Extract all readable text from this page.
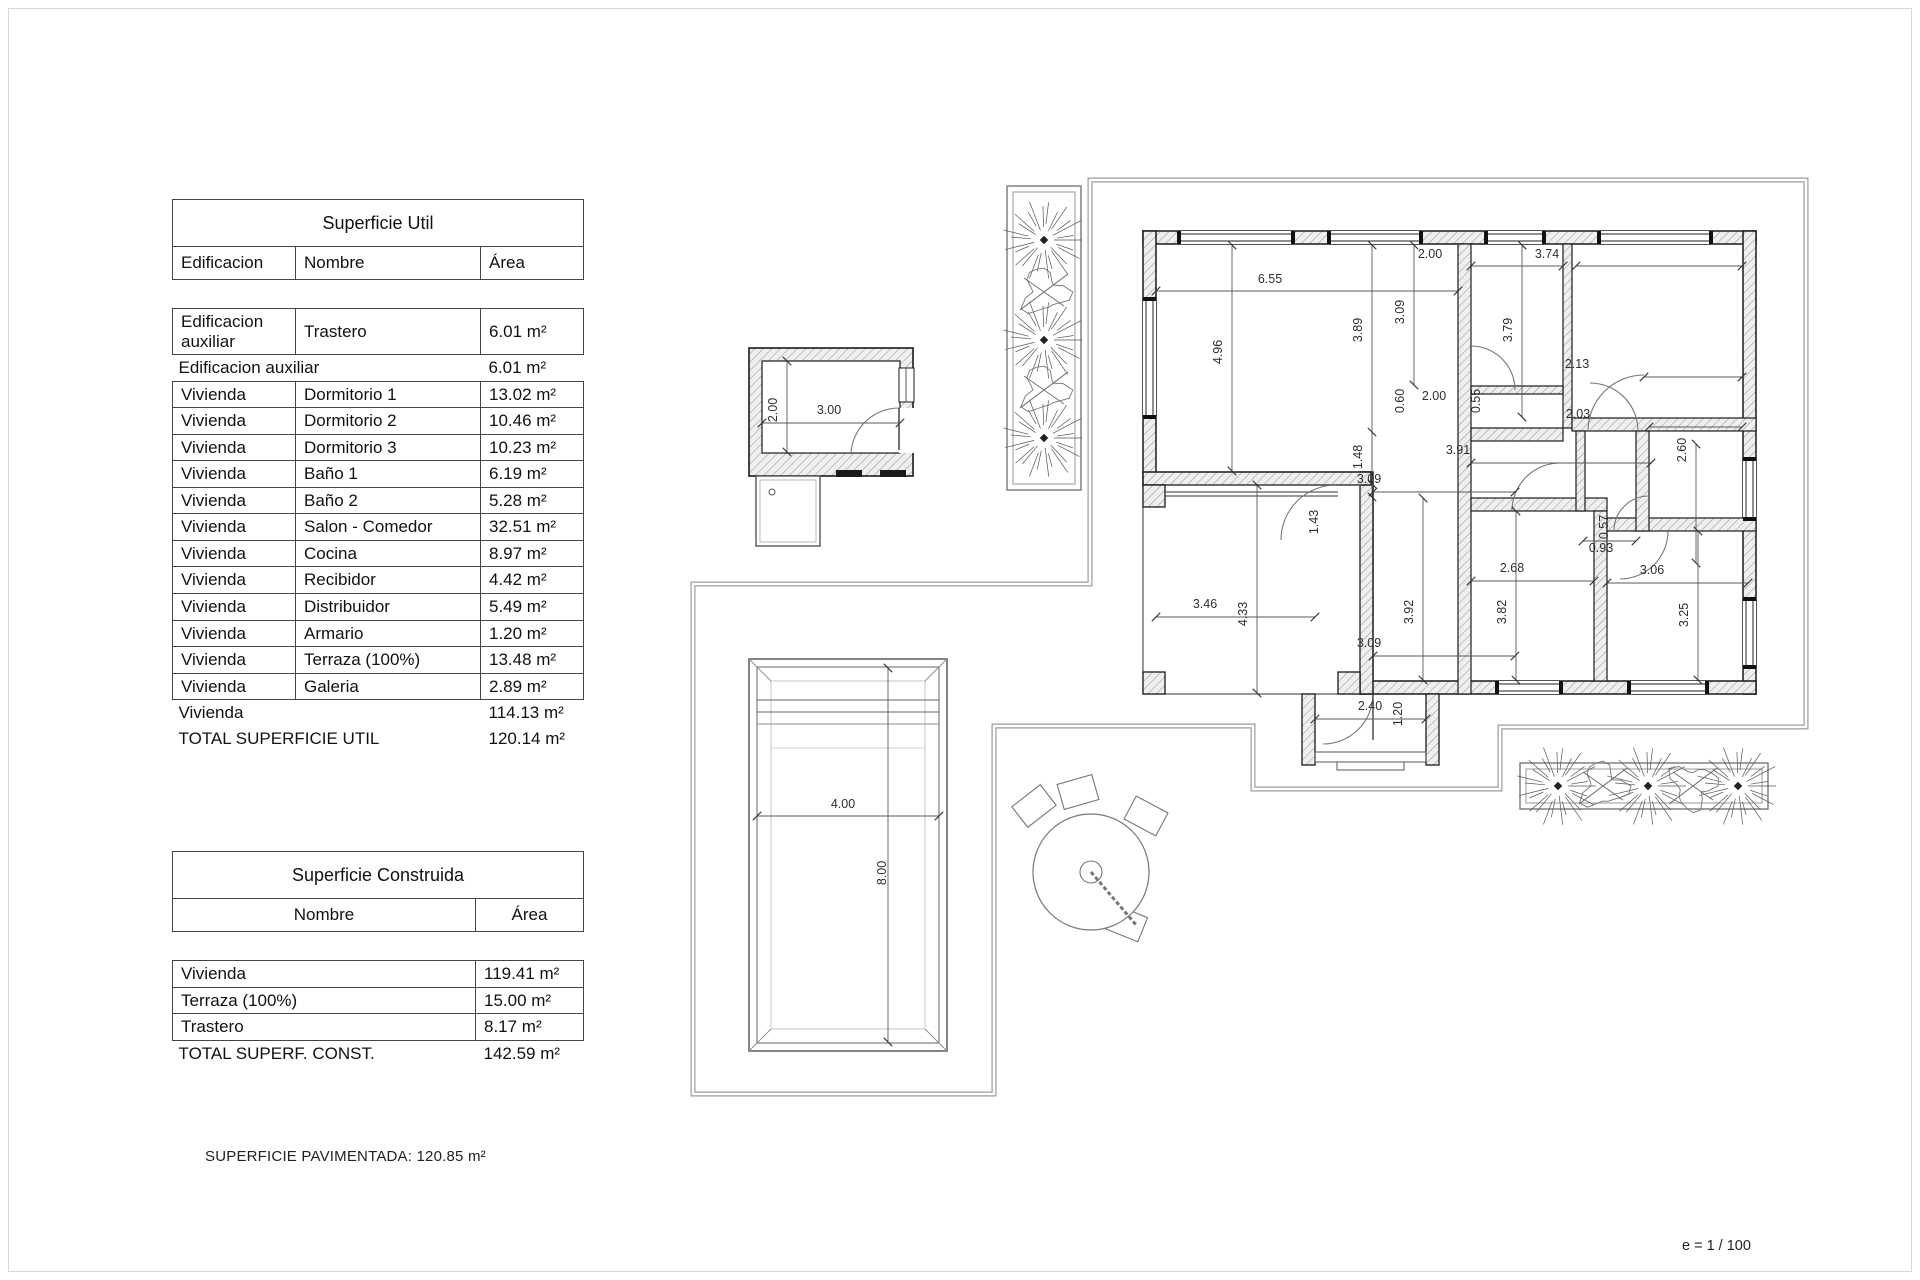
Superficie Util		
Edificacion	Nombre	Área

Edificacion auxiliar	Trastero	6.01 m²
Edificacion auxiliar		6.01 m²
Vivienda	Dormitorio 1	13.02 m²
Vivienda	Dormitorio 2	10.46 m²
Vivienda	Dormitorio 3	10.23 m²
Vivienda	Baño 1	6.19 m²
Vivienda	Baño 2	5.28 m²
Vivienda	Salon - Comedor	32.51 m²
Vivienda	Cocina	8.97 m²
Vivienda	Recibidor	4.42 m²
Vivienda	Distribuidor	5.49 m²
Vivienda	Armario	1.20 m²
Vivienda	Terraza (100%)	13.48 m²
Vivienda	Galeria	2.89 m²
Vivienda		114.13 m²
TOTAL SUPERFICIE UTIL		120.14 m²
Superficie Construida	
Nombre	Área

Vivienda	119.41 m²
Terraza (100%)	15.00 m²
Trastero	8.17 m²
TOTAL SUPERF. CONST.	142.59 m²
SUPERFICIE PAVIMENTADA: 120.85 m²
e = 1 / 100
6.55
4.96
3.89
2.00
3.09
3.74
3.79
2.13
0.60 2.00 0.55
2.03
2.60
1.48	3.91
3.09
1.43	0.57
0.93
2.68	3.06
3.46 4.33	3.92	3.82	3.25
3.09
2.40 1.20
2.00	3.00
4.00
8.00
